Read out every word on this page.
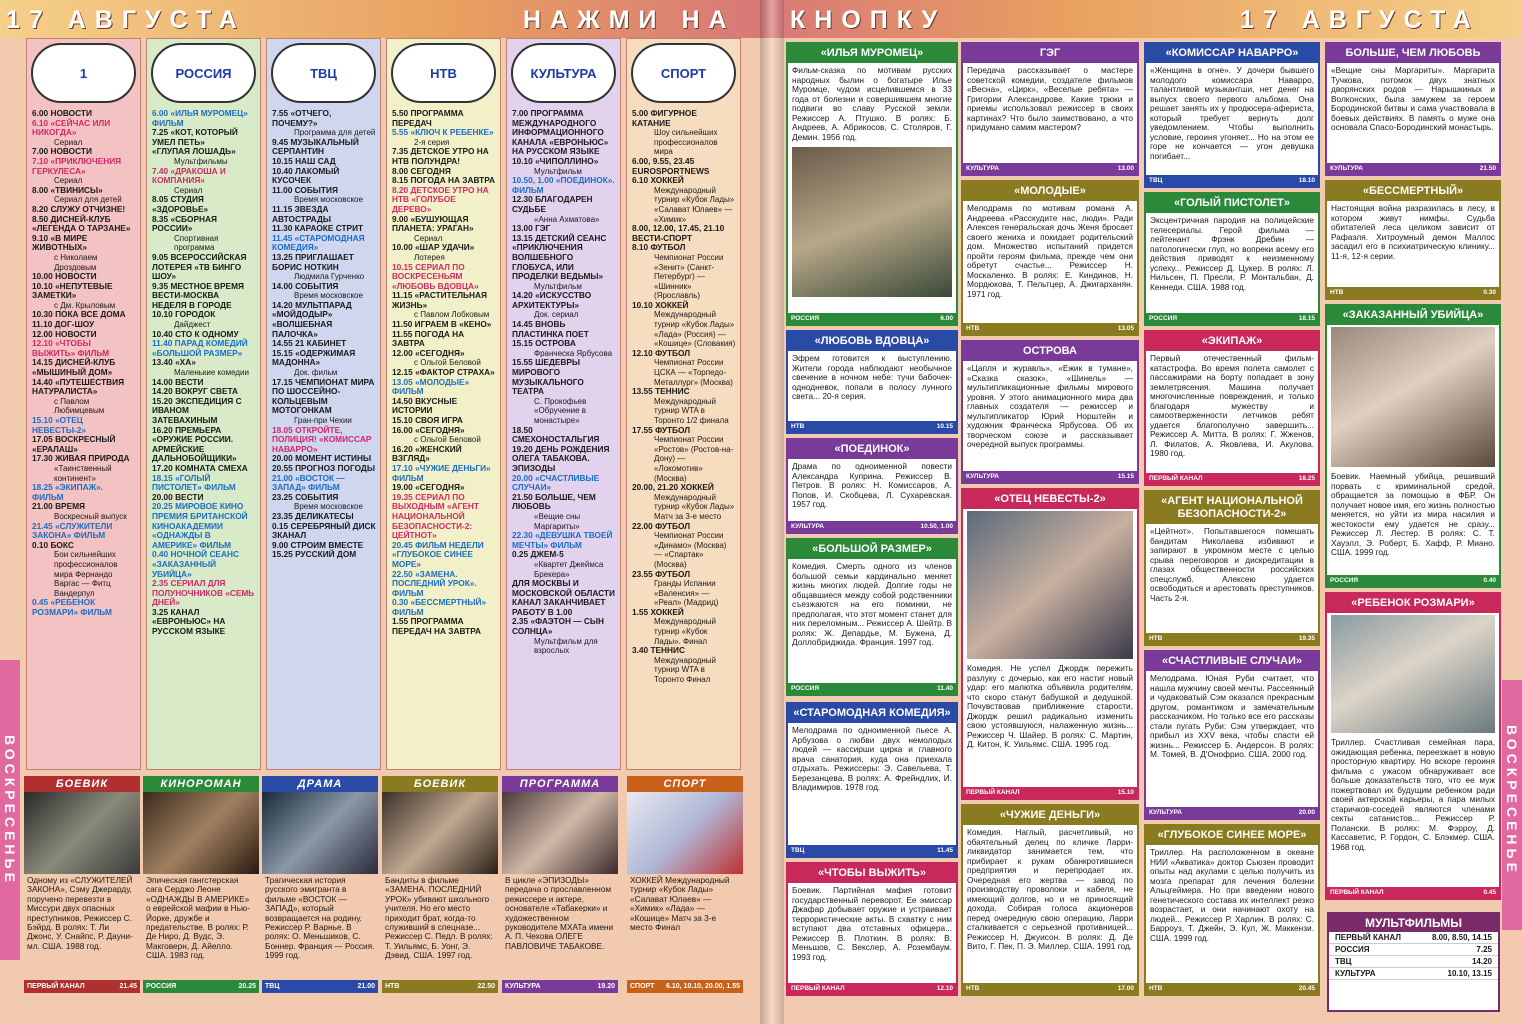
17 АВГУСТА	НАЖМИ НА КНОПКУ	17 АВГУСТА
ВОСКРЕСЕНЬЕ	ВОСКРЕСЕНЬЕ
1
6.00 НОВОСТИ
6.10 «СЕЙЧАС ИЛИ НИКОГДА»
Сериал
7.00 НОВОСТИ
7.10 «ПРИКЛЮЧЕНИЯ ГЕРКУЛЕСА»
Сериал
8.00 «ТВИНИСЫ»
Сериал для детей
8.20 СЛУЖУ ОТЧИЗНЕ!
8.50 ДИСНЕЙ-КЛУБ «ЛЕГЕНДА О ТАРЗАНЕ»
9.10 «В МИРЕ ЖИВОТНЫХ»
с Николаем Дроздовым
10.00 НОВОСТИ
10.10 «НЕПУТЕВЫЕ ЗАМЕТКИ»
с Дм. Крыловым
10.30 ПОКА ВСЕ ДОМА
11.10 ДОГ-ШОУ
12.00 НОВОСТИ
12.10 «ЧТОБЫ ВЫЖИТЬ» ФИЛЬМ
14.15 ДИСНЕЙ-КЛУБ «МЫШИНЫЙ ДОМ»
14.40 «ПУТЕШЕСТВИЯ НАТУРАЛИСТА»
с Павлом Любимцевым
15.10 «ОТЕЦ НЕВЕСТЫ-2»
17.05 ВОСКРЕСНЫЙ «ЕРАЛАШ»
17.30 ЖИВАЯ ПРИРОДА
«Таинственный континент»
18.25 «ЭКИПАЖ». ФИЛЬМ
21.00 ВРЕМЯ
Воскресный выпуск
21.45 «СЛУЖИТЕЛИ ЗАКОНА» ФИЛЬМ
0.10 БОКС
Бои сильнейших профессионалов мира Фернандо Варгас — Фитц Вандерпул
0.45 «РЕБЕНОК РОЗМАРИ» ФИЛЬМ
РОССИЯ
6.00 «ИЛЬЯ МУРОМЕЦ» ФИЛЬМ
7.25 «КОТ, КОТОРЫЙ УМЕЛ ПЕТЬ»
«ГЛУПАЯ ЛОШАДЬ»
Мультфильмы
7.40 «ДРАКОША И КОМПАНИЯ»
Сериал
8.05 СТУДИЯ «ЗДОРОВЬЕ»
8.35 «СБОРНАЯ РОССИИ»
Спортивная программа
9.05 ВСЕРОССИЙСКАЯ ЛОТЕРЕЯ «ТВ БИНГО ШОУ»
9.35 МЕСТНОЕ ВРЕМЯ ВЕСТИ-МОСКВА НЕДЕЛЯ В ГОРОДЕ
10.10 ГОРОДОК
Дайджест
10.40 СТО К ОДНОМУ
11.40 ПАРАД КОМЕДИЙ «БОЛЬШОЙ РАЗМЕР»
13.40 «ХА»
Маленькие комедии
14.00 ВЕСТИ
14.20 ВОКРУГ СВЕТА
15.20 ЭКСПЕДИЦИЯ С ИВАНОМ ЗАТЕВАХИНЫМ
16.20 ПРЕМЬЕРА «ОРУЖИЕ РОССИИ. АРМЕЙСКИЕ ДАЛЬНОБОЙЩИКИ»
17.20 КОМНАТА СМЕХА
18.15 «ГОЛЫЙ ПИСТОЛЕТ» ФИЛЬМ
20.00 ВЕСТИ
20.25 МИРОВОЕ КИНО ПРЕМИЯ БРИТАНСКОЙ КИНОАКАДЕМИИ «ОДНАЖДЫ В АМЕРИКЕ» ФИЛЬМ
0.40 НОЧНОЙ СЕАНС «ЗАКАЗАННЫЙ УБИЙЦА»
2.35 СЕРИАЛ ДЛЯ ПОЛУНОЧНИКОВ «СЕМЬ ДНЕЙ»
3.25 КАНАЛ «ЕВРОНЬЮС» НА РУССКОМ ЯЗЫКЕ
ТВЦ
7.55 «ОТЧЕГО, ПОЧЕМУ?»
Программа для детей
9.45 МУЗЫКАЛЬНЫЙ СЕРПАНТИН
10.15 НАШ САД
10.40 ЛАКОМЫЙ КУСОЧЕК
11.00 СОБЫТИЯ
Время московское
11.15 ЗВЕЗДА АВТОСТРАДЫ
11.30 КАРАОКЕ СТРИТ
11.45 «СТАРОМОДНАЯ КОМЕДИЯ»
13.25 ПРИГЛАШАЕТ БОРИС НОТКИН
Людмила Гурченко
14.00 СОБЫТИЯ
Время московское
14.20 МУЛЬТПАРАД «МОЙДОДЫР» «ВОЛШЕБНАЯ ПАЛОЧКА»
14.55 21 КАБИНЕТ
15.15 «ОДЕРЖИМАЯ МАДОННА»
Док. фильм
17.15 ЧЕМПИОНАТ МИРА ПО ШОССЕЙНО-КОЛЬЦЕВЫМ МОТОГОНКАМ
Гран-при Чехии
18.05 ОТКРОЙТЕ, ПОЛИЦИЯ! «КОМИССАР НАВАРРО»
20.00 МОМЕНТ ИСТИНЫ
20.55 ПРОГНОЗ ПОГОДЫ
21.00 «ВОСТОК — ЗАПАД» ФИЛЬМ
23.25 СОБЫТИЯ
Время московское
23.35 ДЕЛИКАТЕСЫ
0.15 СЕРЕБРЯНЫЙ ДИСК
ЗКАНАЛ
9.00 СТРОИМ ВМЕСТЕ
15.25 РУССКИЙ ДОМ
НТВ
5.50 ПРОГРАММА ПЕРЕДАЧ
5.55 «КЛЮЧ К РЕБЕНКЕ»
2-я серия
7.35 ДЕТСКОЕ УТРО НА НТВ ПОЛУНДРА!
8.00 СЕГОДНЯ
8.15 ПОГОДА НА ЗАВТРА
8.20 ДЕТСКОЕ УТРО НА НТВ «ГОЛУБОЕ ДЕРЕВО»
9.00 «БУШУЮЩАЯ ПЛАНЕТА: УРАГАН»
Сериал
10.00 «ШАР УДАЧИ»
Лотерея
10.15 СЕРИАЛ ПО ВОСКРЕСЕНЬЯМ «ЛЮБОВЬ ВДОВЦА»
11.15 «РАСТИТЕЛЬНАЯ ЖИЗНЬ»
с Павлом Лобковым
11.50 ИГРАЕМ В «КЕНО»
11.55 ПОГОДА НА ЗАВТРА
12.00 «СЕГОДНЯ»
с Ольгой Беловой
12.15 «ФАКТОР СТРАХА»
13.05 «МОЛОДЫЕ» ФИЛЬМ
14.50 ВКУСНЫЕ ИСТОРИИ
15.10 СВОЯ ИГРА
16.00 «СЕГОДНЯ»
с Ольгой Беловой
16.20 «ЖЕНСКИЙ ВЗГЛЯД»
17.10 «ЧУЖИЕ ДЕНЬГИ» ФИЛЬМ
19.00 «СЕГОДНЯ»
19.35 СЕРИАЛ ПО ВЫХОДНЫМ «АГЕНТ НАЦИОНАЛЬНОЙ БЕЗОПАСНОСТИ-2: ЦЕЙТНОТ»
20.45 ФИЛЬМ НЕДЕЛИ «ГЛУБОКОЕ СИНЕЕ МОРЕ»
22.50 «ЗАМЕНА. ПОСЛЕДНИЙ УРОК». ФИЛЬМ
0.30 «БЕССМЕРТНЫЙ» ФИЛЬМ
1.55 ПРОГРАММА ПЕРЕДАЧ НА ЗАВТРА
КУЛЬТУРА
7.00 ПРОГРАММА МЕЖДУНАРОДНОГО ИНФОРМАЦИОННОГО КАНАЛА «ЕВРОНЬЮС» НА РУССКОМ ЯЗЫКЕ
10.10 «ЧИПОЛЛИНО»
Мультфильм
10.50, 1.00 «ПОЕДИНОК». ФИЛЬМ
12.30 БЛАГОДАРЕН СУДЬБЕ
«Анна Ахматова»
13.00 ГЭГ
13.15 ДЕТСКИЙ СЕАНС «ПРИКЛЮЧЕНИЯ ВОЛШЕБНОГО ГЛОБУСА, ИЛИ ПРОДЕЛКИ ВЕДЬМЫ»
Мультфильм
14.20 «ИСКУССТВО АРХИТЕКТУРЫ»
Док. сериал
14.45 ВНОВЬ ПЛАСТИНКА ПОЕТ
15.15 ОСТРОВА
Франческа Ярбусова
15.55 ШЕДЕВРЫ МИРОВОГО МУЗЫКАЛЬНОГО ТЕАТРА
С. Прокофьев «Обручение в монастыре»
18.50 СМЕХОНОСТАЛЬГИЯ
19.20 ДЕНЬ РОЖДЕНИЯ ОЛЕГА ТАБАКОВА. ЭПИЗОДЫ
20.00 «СЧАСТЛИВЫЕ СЛУЧАИ»
21.50 БОЛЬШЕ, ЧЕМ ЛЮБОВЬ
«Вещие сны Маргариты»
22.30 «ДЕВУШКА ТВОЕЙ МЕЧТЫ» ФИЛЬМ
0.25 ДЖЕМ-5
«Квартет Джеймса Брекера»
ДЛЯ МОСКВЫ И МОСКОВСКОЙ ОБЛАСТИ КАНАЛ ЗАКАНЧИВАЕТ РАБОТУ В 1.00
2.35 «ФАЭТОН — СЫН СОЛНЦА»
Мультфильм для взрослых
СПОРТ
5.00 ФИГУРНОЕ КАТАНИЕ
Шоу сильнейших профессионалов мира
6.00, 9.55, 23.45 EUROSPORTNEWS
6.10 ХОККЕЙ
Международный турнир «Кубок Лады» «Салават Юлаев» — «Химик»
8.00, 12.00, 17.45, 21.10 ВЕСТИ-СПОРТ
8.10 ФУТБОЛ
Чемпионат России «Зенит» (Санкт-Петербург) — «Шинник» (Ярославль)
10.10 ХОККЕЙ
Международный турнир «Кубок Лады» «Лада» (Россия) — «Кошице» (Словакия)
12.10 ФУТБОЛ
Чемпионат России ЦСКА — «Торпедо-Металлург» (Москва)
13.55 ТЕННИС
Международный турнир WTA в Торонто 1/2 финала
17.55 ФУТБОЛ
Чемпионат России «Ростов» (Ростов-на-Дону) — «Локомотив» (Москва)
20.00, 21.20 ХОККЕЙ
Международный турнир «Кубок Лады» Матч за 3-е место
22.00 ФУТБОЛ
Чемпионат России «Динамо» (Москва) — «Спартак» (Москва)
23.55 ФУТБОЛ
Гранды Испании «Валенсия» — «Реал» (Мадрид)
1.55 ХОККЕЙ
Международный турнир «Кубок Лады». Финал
3.40 ТЕННИС
Международный турнир WTA в Торонто Финал
БОЕВИК
Одному из «СЛУЖИТЕЛЕЙ ЗАКОНА», Сэму Джерарду, поручено перевезти в Миссури двух опасных преступников. Режиссер С. Бэйрд. В ролях: Т. Ли Джонс, У. Снайпс, Р. Дауни-мл. США. 1988 год.
ПЕРВЫЙ КАНАЛ	21.45
КИНОРОМАН
Эпическая гангстерская сага Серджо Леоне «ОДНАЖДЫ В АМЕРИКЕ» о еврейской мафии в Нью-Йорке, дружбе и предательстве. В ролях: Р. Де Ниро, Д. Вудс, Э. Макговерн, Д. Айелло. США. 1983 год.
РОССИЯ	20.25
ДРАМА
Трагическая история русского эмигранта в фильме «ВОСТОК — ЗАПАД», который возвращается на родину. Режиссер Р. Варнье. В ролях: О. Меньшиков, С. Боннер. Франция — Россия. 1999 год.
ТВЦ	21.00
БОЕВИК
Бандиты в фильме «ЗАМЕНА. ПОСЛЕДНИЙ УРОК» убивают школьного учителя. Но его место приходит брат, когда-то служивший в спецназе... Режиссер С. Педл. В ролях: Т. Уильямс, Б. Уонг, Э. Дэвид. США. 1997 год.
НТВ	22.50
ПРОГРАММА
В цикле «ЭПИЗОДЫ» передача о прославленном режиссере и актере, основателе «Табакерки» и художественном руководителе МХАТа имени А. П. Чехова ОЛЕГЕ ПАВЛОВИЧЕ ТАБАКОВЕ.
КУЛЬТУРА	19.20
СПОРТ
ХОККЕЙ Международный турнир «Кубок Лады» «Салават Юлаев» — «Химик» «Лада» — «Кошице» Матч за 3-е место Финал
СПОРТ 6.10, 10.10, 20.00, 1.55
«ИЛЬЯ МУРОМЕЦ»
Фильм-сказка по мотивам русских народных былин о богатыре Илье Муромце, чудом исцелившемся в 33 года от болезни и совершившем многие подвиги во славу Русской земли. Режиссер А. Птушко. В ролях: Б. Андреев, А. Абрикосов, С. Столяров, Г. Демин. 1956 год.
РОССИЯ	6.00
«ЛЮБОВЬ ВДОВЦА»
Эфрем готовится к выступлению. Жители города наблюдают необычное свечение в ночном небе: тучи бабочек-однодневок, попали в полосу лунного света... 20-я серия.
НТВ	10.15
«ПОЕДИНОК»
Драма по одноименной повести Александра Куприна. Режиссер В. Петров. В ролях: Н. Комиссаров, А. Попов, И. Скобцева, Л. Сухаревская. 1957 год.
КУЛЬТУРА	10.50, 1.00
«БОЛЬШОЙ РАЗМЕР»
Комедия. Смерть одного из членов большой семьи кардинально меняет жизнь многих людей. Долгие годы не общавшиеся между собой родственники съезжаются на его поминки, не предполагая, что этот момент станет для них переломным... Режиссер А. Шейтр. В ролях: Ж. Депардье, М. Бужена, Д. Доллобриджида. Франция. 1997 год.
РОССИЯ	11.40
«СТАРОМОДНАЯ КОМЕДИЯ»
Мелодрама по одноименной пьесе А. Арбузова о любви двух немолодых людей — кассирши цирка и главного врача санатория, куда она приехала отдыхать. Режиссеры: Э. Савельева, Т. Березанцева. В ролях: А. Фрейндлих, И. Владимиров. 1978 год.
ТВЦ	11.45
«ЧТОБЫ ВЫЖИТЬ»
Боевик. Партийная мафия готовит государственный переворот. Ее эмиссар Джафар добывает оружие и устраивает террористические акты. В схватку с ним вступают два отставных офицера... Режиссер В. Плоткин. В ролях: В. Меньшов, С. Векслер, А. Розембаум. 1993 год.
ПЕРВЫЙ КАНАЛ	12.10
ГЭГ
Передача рассказывает о мастере советской комедии, создателе фильмов «Весна», «Цирк», «Веселые ребята» — Григории Александрове. Какие трюки и приемы использовал режиссер в своих картинах? Что было заимствовано, а что придумано самим мастером?
КУЛЬТУРА	13.00
«МОЛОДЫЕ»
Мелодрама по мотивам романа А. Андреева «Расскудите нас, люди». Ради Алексея генеральская дочь Женя бросает своего жениха и покидает родительский дом. Множество испытаний придется пройти героям фильма, прежде чем они обретут счастье... Режиссер Н. Москаленко. В ролях: Е. Киндинов, Н. Мордюкова, Т. Пельтцер, А. Джигарханян. 1971 год.
НТВ	13.05
ОСТРОВА
«Цапля и журавль», «Ежик в тумане», «Сказка сказок», «Шинель» — мультипликационные фильмы мирового уровня. У этого анимационного мира два главных создателя — режиссер и мультипликатор Юрий Норштейн и художник Франческа Ярбусова. Об их творческом союзе и рассказывает очередной выпуск программы.
КУЛЬТУРА	15.15
«ОТЕЦ НЕВЕСТЫ-2»
Комедия. Не успел Джордж пережить разлуку с дочерью, как его настиг новый удар: его малютка объявила родителям, что скоро станут бабушкой и дедушкой. Почувствовав приближение старости, Джордж решил радикально изменить свою устоявшуюся, налаженную жизнь... Режиссер Ч. Шайер. В ролях: С. Мартин, Д. Китон, К. Уильямс. США. 1995 год.
ПЕРВЫЙ КАНАЛ	15.10
«ЧУЖИЕ ДЕНЬГИ»
Комедия. Наглый, расчетливый, но обаятельный делец по кличке Ларри-ликвидатор занимается тем, что прибирает к рукам обанкротившиеся предприятия и перепродает их. Очередная его жертва — завод по производству проволоки и кабеля, не имеющий долгов, но и не приносящий дохода. Собирая голоса акционеров перед очередную свою операцию, Ларри сталкивается с серьезной противницей... Режиссер Н. Джуисон. В ролях: Д. Де Вито, Г. Пек, П. Э. Миллер. США. 1991 год.
НТВ	17.00
«КОМИССАР НАВАРРО»
«Женщина в огне». У дочери бывшего молодого комиссара Наварро, талантливой музыкантши, нет денег на выпуск своего первого альбома. Она решает занять их у продюсера-афериста, который требует вернуть долг уведомлением. Чтобы выполнить условие, героиня угоняет... Но на этом ее горе не кончается — угон девушка погибает...
ТВЦ	18.10
«ГОЛЫЙ ПИСТОЛЕТ»
Эксцентричная пародия на полицейские телесериалы. Герой фильма — лейтенант Фрэнк Дребин — патологически глуп, но вопреки всему его действия приводят к неизменному успеху... Режиссер Д. Цукер. В ролях: Л. Нильсен, П. Пресли, Р. Монтальбан, Д. Кеннеди. США. 1988 год.
РОССИЯ	18.15
«ЭКИПАЖ»
Первый отечественный фильм-катастрофа. Во время полета самолет с пассажирами на борту попадает в зону землетрясения. Машина получает многочисленные повреждения, и только благодаря мужеству и самоотверженности летчиков ребят удается благополучно завершить... Режиссер А. Митта. В ролях: Г. Жженов, Л. Филатов, А. Яковлева, И. Акулова. 1980 год.
ПЕРВЫЙ КАНАЛ	18.25
«АГЕНТ НАЦИОНАЛЬНОЙ БЕЗОПАСНОСТИ-2»
«Цейтнот». Попытавшегося помешать бандитам Николаева избивают и запирают в укромном месте с целью срыва переговоров и дискредитации в глазах общественности российских спецслужб. Алексею удается освободиться и арестовать преступников. Часть 2-я.
НТВ	19.35
«СЧАСТЛИВЫЕ СЛУЧАИ»
Мелодрама. Юная Руби считает, что нашла мужчину своей мечты. Рассеянный и чудаковатый Сэм оказался прекрасным другом, романтиком и замечательным рассказчиком. Но только все его рассказы стали пугать Руби: Сэм утверждает, что прибыл из XXV века, чтобы спасти ей жизнь... Режиссер Б. Андерсон. В ролях: М. Томей, В. Д'Онофрио. США. 2000 год.
КУЛЬТУРА	20.00
«ГЛУБОКОЕ СИНЕЕ МОРЕ»
Триллер. На расположенном в океане НИИ «Акватика» доктор Сьюзен проводит опыты над акулами с целью получить из мозга препарат для лечения болезни Альцгеймера. Но при введении нового генетического состава их интеллект резко возрастает, и они начинают охоту на людей... Режиссер Р. Харлин. В ролях: С. Барроуз, Т. Джейн, Э. Кул, Ж. Маккензи. США. 1999 год.
НТВ	20.45
БОЛЬШЕ, ЧЕМ ЛЮБОВЬ
«Вещие сны Маргариты». Маргарита Тучкова, потомок двух знатных дворянских родов — Нарышкиных и Волконских, была замужем за героем Бородинской битвы и сама участвовала в боевых действиях. В память о муже она основала Спасо-Бородинский монастырь.
КУЛЬТУРА	21.50
«БЕССМЕРТНЫЙ»
Настоящая война разразилась в лесу, в котором живут нимфы. Судьба обитателей леса целиком зависит от Рафаэля. Хитроумный демон Маллос засадил его в психиатрическую клинику... 11-я, 12-я серии.
НТВ	0.30
«ЗАКАЗАННЫЙ УБИЙЦА»
Боевик. Наемный убийца, решивший порвать с криминальной средой, обращается за помощью в ФБР. Он получает новое имя, его жизнь полностью меняется, но уйти из мира насилия и жестокости ему удается не сразу... Режиссер Л. Лестер. В ролях: С. Т. Хауэлл, Э. Роберт, Б. Хафф, Р. Миано. США. 1999 год.
РОССИЯ	0.40
«РЕБЕНОК РОЗМАРИ»
Триллер. Счастливая семейная пара, ожидающая ребенка, переезжает в новую просторную квартиру. Но вскоре героиня фильма с ужасом обнаруживает все больше доказательств того, что ее муж пожертвовал их будущим ребенком ради своей актерской карьеры, а пара милых старичков-соседей являются членами секты сатанистов... Режиссер Р. Полански. В ролях: М. Фэрроу, Д. Кассаветис, Р. Гордон, С. Блэкмер. США. 1968 год.
ПЕРВЫЙ КАНАЛ	0.45
МУЛЬТФИЛЬМЫ
ПЕРВЫЙ КАНАЛ	8.00, 8.50, 14.15
РОССИЯ	7.25
ТВЦ	14.20
КУЛЬТУРА	10.10, 13.15
